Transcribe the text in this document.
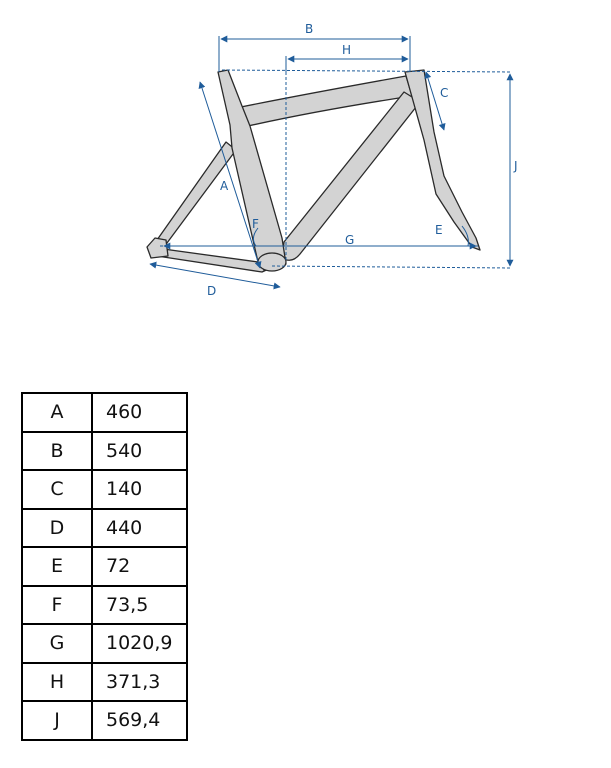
B
H
C
J
A
F
G
E
D
A	460
B	540
C	140
D	440
E	72
F	73,5
G	1020,9
H	371,3
J	569,4
